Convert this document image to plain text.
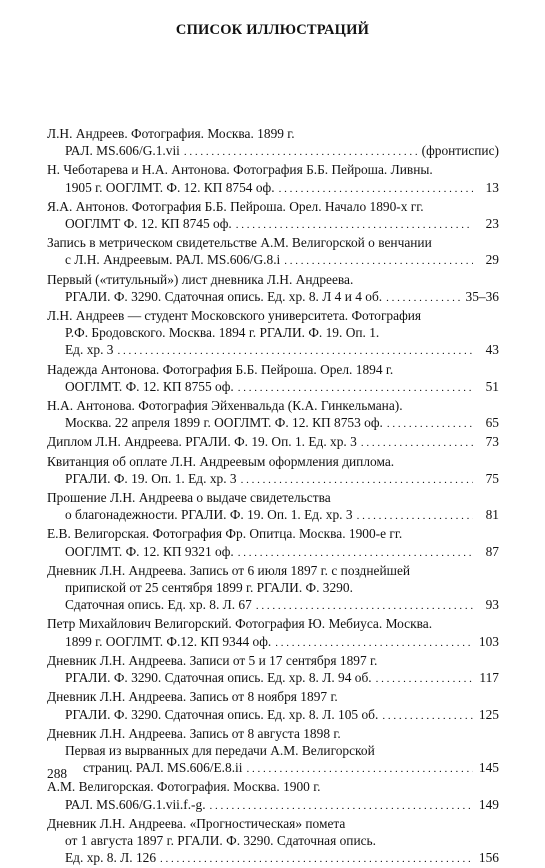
СПИСОК ИЛЛЮСТРАЦИЙ
Л.Н. Андреев. Фотография. Москва. 1899 г.
РАЛ. MS.606/G.1.vii . . .	(фронтиспис)
Н. Чеботарева и Н.А. Антонова. Фотография Б.Б. Пейроша. Ливны.
1905 г. ООГЛМТ. Ф. 12. КП 8754 оф. . . .	13
Я.А. Антонов. Фотография Б.Б. Пейроша. Орел. Начало 1890-х гг.
ООГЛМТ Ф. 12. КП 8745 оф. . . .	23
Запись в метрическом свидетельстве А.М. Велигорской о венчании
с Л.Н. Андреевым. РАЛ. MS.606/G.8.i . . .	29
Первый («титульный») лист дневника Л.Н. Андреева.
РГАЛИ. Ф. 3290. Сдаточная опись. Ед. хр. 8. Л 4 и 4 об. . . .	35–36
Л.Н. Андреев — студент Московского университета. Фотография
Р.Ф. Бродовского. Москва. 1894 г. РГАЛИ. Ф. 19. Оп. 1.
Ед. хр. 3 . . .	43
Надежда Антонова. Фотография Б.Б. Пейроша. Орел. 1894 г.
ООГЛМТ. Ф. 12. КП 8755 оф. . . .	51
Н.А. Антонова. Фотография Эйхенвальда (К.А. Гинкельмана).
Москва. 22 апреля 1899 г. ООГЛМТ. Ф. 12. КП 8753 оф. . . .	65
Диплом Л.Н. Андреева. РГАЛИ. Ф. 19. Оп. 1. Ед. хр. 3 . . .	73
Квитанция об оплате Л.Н. Андреевым оформления диплома.
РГАЛИ. Ф. 19. Оп. 1. Ед. хр. 3 . . .	75
Прошение Л.Н. Андреева о выдаче свидетельства
о благонадежности. РГАЛИ. Ф. 19. Оп. 1. Ед. хр. 3 . . .	81
Е.В. Велигорская. Фотография Фр. Опитца. Москва. 1900-е гг.
ООГЛМТ. Ф. 12. КП 9321 оф. . . .	87
Дневник Л.Н. Андреева. Запись от 6 июля 1897 г. с позднейшей
припиской от 25 сентября 1899 г. РГАЛИ. Ф. 3290.
Сдаточная опись. Ед. хр. 8. Л. 67 . . .	93
Петр Михайлович Велигорский. Фотография Ю. Мебиуса. Москва.
1899 г. ООГЛМТ. Ф.12. КП 9344 оф. . . .	103
Дневник Л.Н. Андреева. Записи от 5 и 17 сентября 1897 г.
РГАЛИ. Ф. 3290. Сдаточная опись. Ед. хр. 8. Л. 94 об. . . .	117
Дневник Л.Н. Андреева. Запись от 8 ноября 1897 г.
РГАЛИ. Ф. 3290. Сдаточная опись. Ед. хр. 8. Л. 105 об. . . .	125
Дневник Л.Н. Андреева. Запись от 8 августа 1898 г.
Первая из вырванных для передачи А.М. Велигорской
страниц. РАЛ. MS.606/E.8.ii . . .	145
А.М. Велигорская. Фотография. Москва. 1900 г.
РАЛ. MS.606/G.1.vii.f.-g. . . .	149
Дневник Л.Н. Андреева. «Прогностическая» помета
от 1 августа 1897 г. РГАЛИ. Ф. 3290. Сдаточная опись.
Ед. хр. 8. Л. 126 . . .	156
288
